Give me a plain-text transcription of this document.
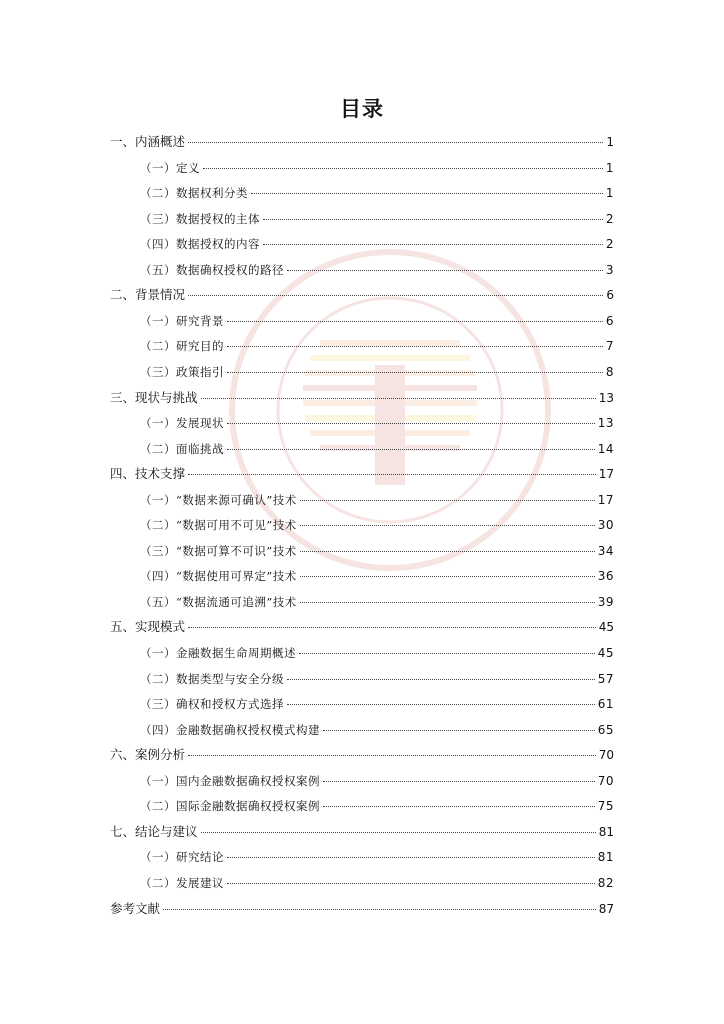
目录
一、内涵概述	1
（一）定义	1
（二）数据权利分类	1
（三）数据授权的主体	2
（四）数据授权的内容	2
（五）数据确权授权的路径	3
二、背景情况	6
（一）研究背景	6
（二）研究目的	7
（三）政策指引	8
三、现状与挑战	13
（一）发展现状	13
（二）面临挑战	14
四、技术支撑	17
（一）“数据来源可确认”技术	17
（二）“数据可用不可见”技术	30
（三）“数据可算不可识”技术	34
（四）“数据使用可界定”技术	36
（五）“数据流通可追溯”技术	39
五、实现模式	45
（一）金融数据生命周期概述	45
（二）数据类型与安全分级	57
（三）确权和授权方式选择	61
（四）金融数据确权授权模式构建	65
六、案例分析	70
（一）国内金融数据确权授权案例	70
（二）国际金融数据确权授权案例	75
七、结论与建议	81
（一）研究结论	81
（二）发展建议	82
参考文献	87
